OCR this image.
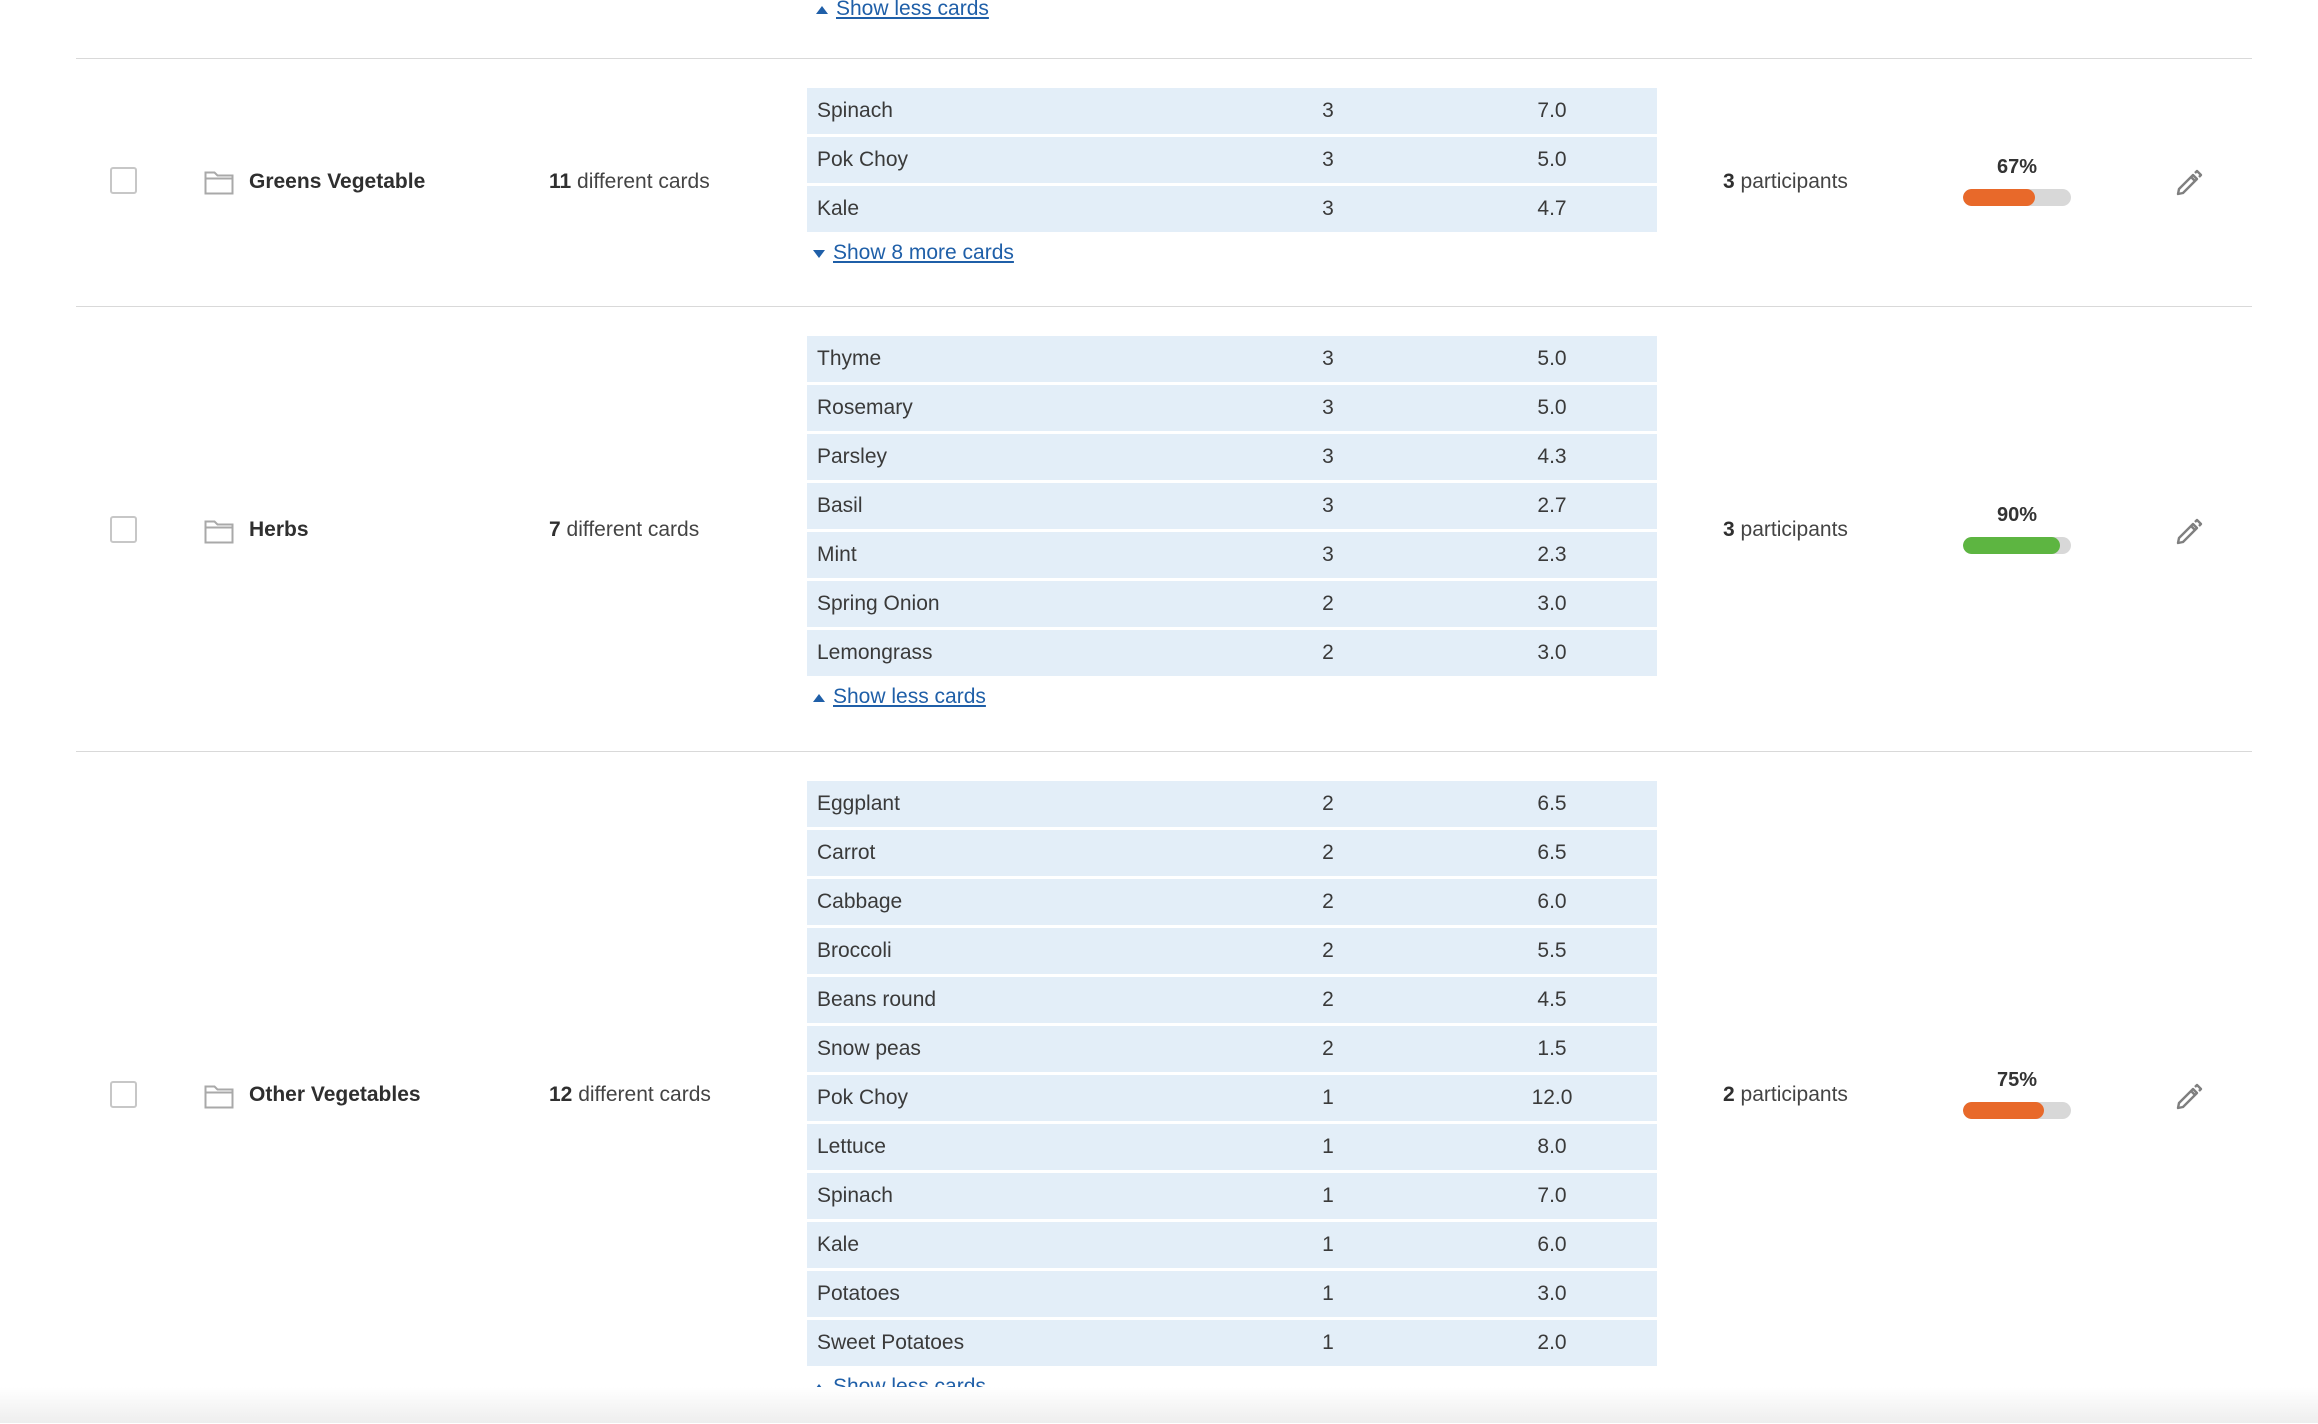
Show less cards
Greens Vegetable	11 different cards
Spinach	3	7.0
Pok Choy	3	5.0
Kale	3	4.7
Show 8 more cards
3 participants
67%
Herbs	7 different cards
Thyme	3	5.0
Rosemary	3	5.0
Parsley	3	4.3
Basil	3	2.7
Mint	3	2.3
Spring Onion	2	3.0
Lemongrass	2	3.0
Show less cards
3 participants
90%
Other Vegetables	12 different cards
Eggplant	2	6.5
Carrot	2	6.5
Cabbage	2	6.0
Broccoli	2	5.5
Beans round	2	4.5
Snow peas	2	1.5
Pok Choy	1	12.0
Lettuce	1	8.0
Spinach	1	7.0
Kale	1	6.0
Potatoes	1	3.0
Sweet Potatoes	1	2.0
2 participants
75%
